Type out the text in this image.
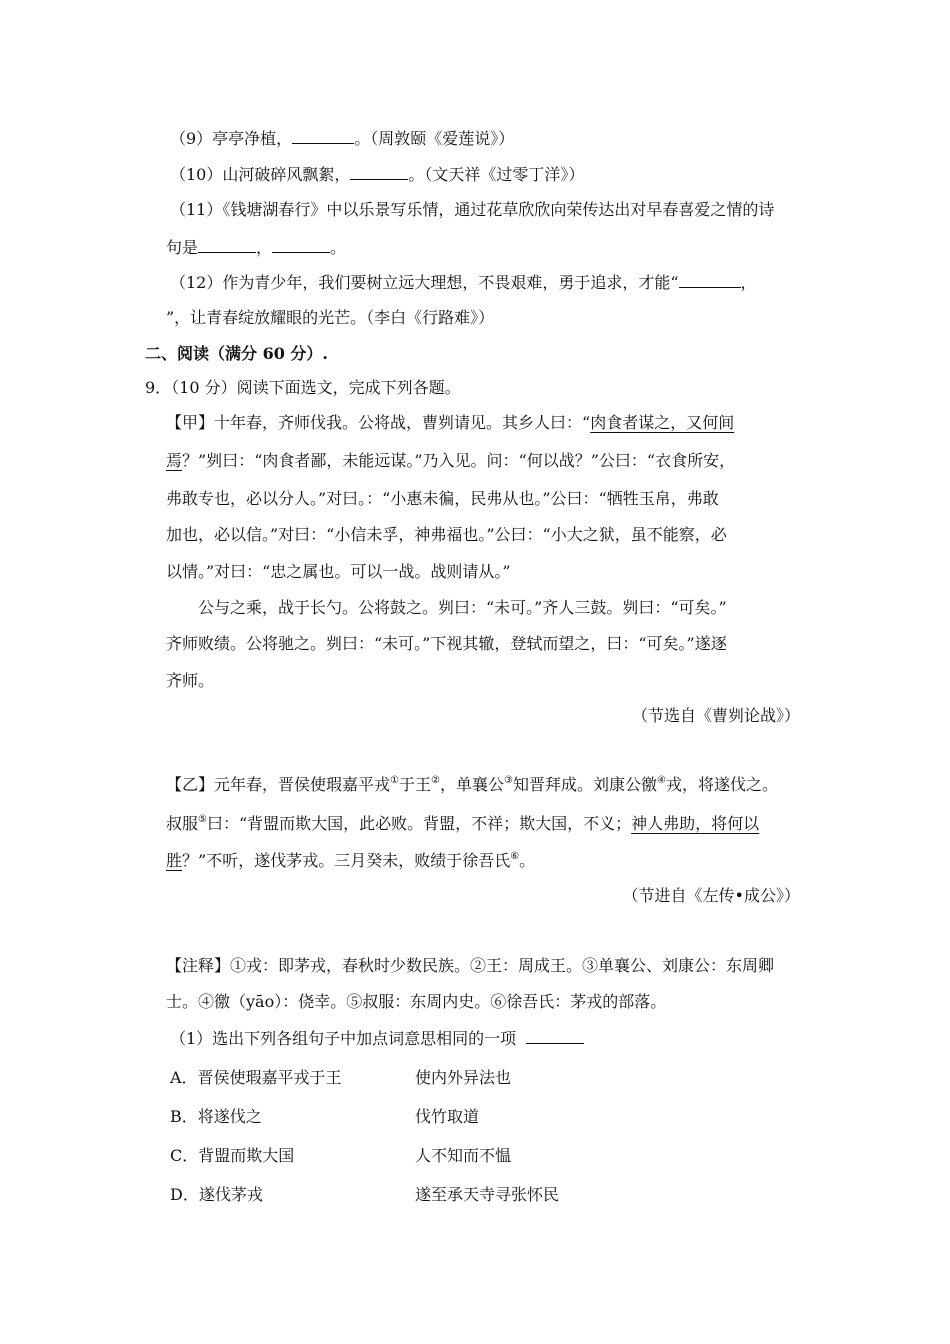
（9）亭亭净植，	。（周敦颐《爱莲说》）
（10）山河破碎风飘絮，	。（文天祥《过零丁洋》）
（11）《钱塘湖春行》中以乐景写乐情，通过花草欣欣向荣传达出对早春喜爱之情的诗
句是	，	。
（12）作为青少年，我们要树立远大理想，不畏艰难，勇于追求，才能“	，
”，让青春绽放耀眼的光芒。（李白《行路难》）
二、阅读（满分 60 分）.
9．（10 分）阅读下面选文，完成下列各题。
【甲】十年春，齐师伐我。公将战，曹刿请见。其乡人曰：“肉食者谋之，又何间
焉？”刿曰：“肉食者鄙，未能远谋。”乃入见。问：“何以战？”公曰：“衣食所安，
弗敢专也，必以分人。”对曰。：“小惠未徧，民弗从也。”公曰：“牺牲玉帛，弗敢
加也，必以信。”对曰：“小信未孚，神弗福也。”公曰：“小大之狱，虽不能察，必
以情。”对曰：“忠之属也。可以一战。战则请从。”
公与之乘，战于长勺。公将鼓之。刿曰：“未可。”齐人三鼓。刿曰：“可矣。”
齐师败绩。公将驰之。刿曰：“未可。”下视其辙，登轼而望之，曰：“可矣。”遂逐
齐师。
（节选自《曹刿论战》）
【乙】元年春，晋侯使瑕嘉平戎①于王②，单襄公③知晋拜成。刘康公徼④戎，将遂伐之。
叔服⑤曰：“背盟而欺大国，此必败。背盟，不祥；欺大国，不义；神人弗助，将何以
胜？”不听，遂伐茅戎。三月癸未，败绩于徐吾氏⑥。
（节进自《左传•成公》）
【注释】①戎：即茅戎，春秋时少数民族。②王：周成王。③单襄公、刘康公：东周卿
士。④徼（yāo）：侥幸。⑤叔服：东周内史。⑥徐吾氏：茅戎的部落。
（1）选出下列各组句子中加点词意思相同的一项
A．晋侯使瑕嘉平戎于王	使内外异法也
B．将遂伐之	伐竹取道
C．背盟而欺大国	人不知而不愠
D．遂伐茅戎	遂至承天寺寻张怀民
